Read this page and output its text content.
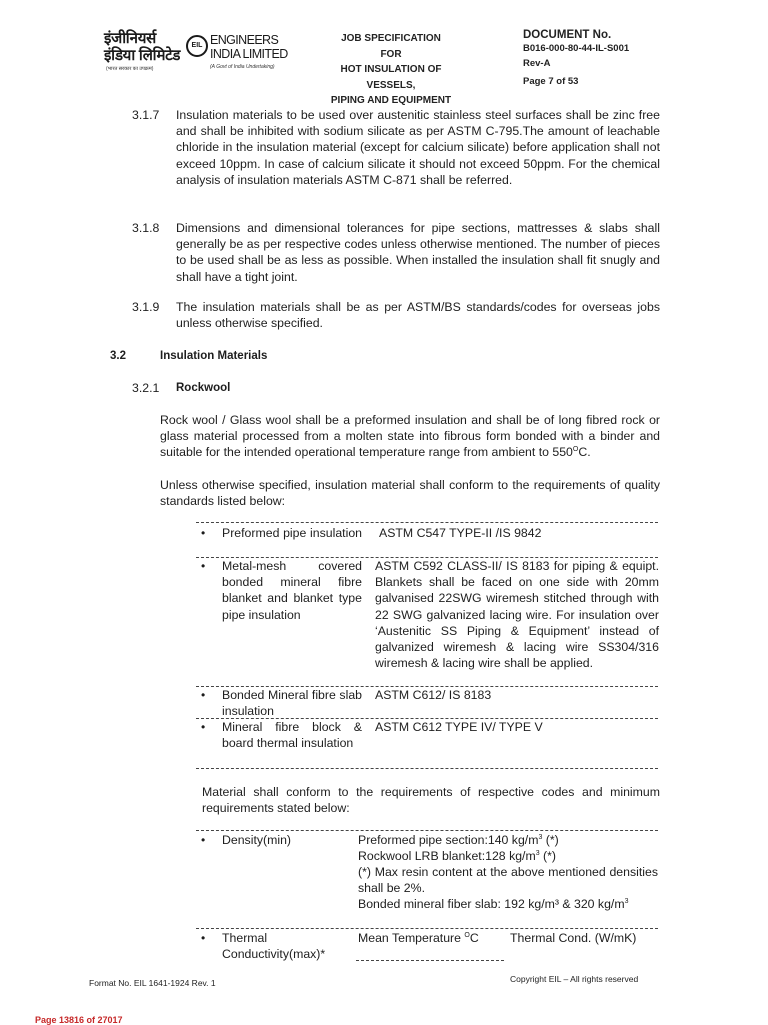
इंजीनियर्स
इंडिया लिमिटेड
(भारत सरकार का उपक्रम)
EIL ENGINEERS
INDIA LIMITED
(A Govt of India Undertaking)
JOB SPECIFICATION
FOR
HOT INSULATION OF VESSELS,
PIPING AND EQUIPMENT
DOCUMENT No.
B016-000-80-44-IL-S001
Rev-A
Page 7 of 53
3.1.7 Insulation materials to be used over austenitic stainless steel surfaces shall be zinc free and shall be inhibited with sodium silicate as per ASTM C-795.The amount of leachable chloride in the insulation material (except for calcium silicate) before application shall not exceed 10ppm. In case of calcium silicate it should not exceed 50ppm. For the chemical analysis of insulation materials ASTM C-871 shall be referred.
3.1.8 Dimensions and dimensional tolerances for pipe sections, mattresses & slabs shall generally be as per respective codes unless otherwise mentioned. The number of pieces to be used shall be as less as possible. When installed the insulation shall fit snugly and shall have a tight joint.
3.1.9 The insulation materials shall be as per ASTM/BS standards/codes for overseas jobs unless otherwise specified.
3.2	Insulation Materials
3.2.1 Rockwool
Rock wool / Glass wool shall be a preformed insulation and shall be of long fibred rock or glass material processed from a molten state into fibrous form bonded with a binder and suitable for the intended operational temperature range from ambient to $550^OC$.
Unless otherwise specified, insulation material shall conform to the requirements of quality standards listed below:
• Preformed pipe insulation ASTM C547 TYPE-II /IS 9842
• Metal-mesh covered bonded mineral fibre blanket and blanket type pipe insulation
ASTM C592 CLASS-II/ IS 8183 for piping & equipt. Blankets shall be faced on one side with 20mm galvanised 22SWG wiremesh stitched through with 22 SWG galvanized lacing wire. For insulation over ‘Austenitic SS Piping & Equipment’ instead of galvanized wiremesh & lacing wire SS304/316 wiremesh & lacing wire shall be applied.
• Bonded Mineral fibre slab insulation
ASTM C612/ IS 8183
• Mineral fibre block & board thermal insulation
ASTM C612 TYPE IV/ TYPE V
Material shall conform to the requirements of respective codes and minimum requirements stated below:
• Density(min)	Preformed pipe section:140 $kg/m^3$ (*)
Rockwool LRB blanket:128 $kg/m^3$ (*)
(*) Max resin content at the above mentioned densities shall be 2%.
Bonded mineral fiber slab: 192 kg/m³ & 320 $kg/m^3$
• Thermal
Conductivity(max)*
Mean Temperature $^O$C	Thermal Cond. (W/mK)
Format No. EIL 1641-1924 Rev. 1	Copyright EIL – All rights reserved
Page 13816 of 27017
